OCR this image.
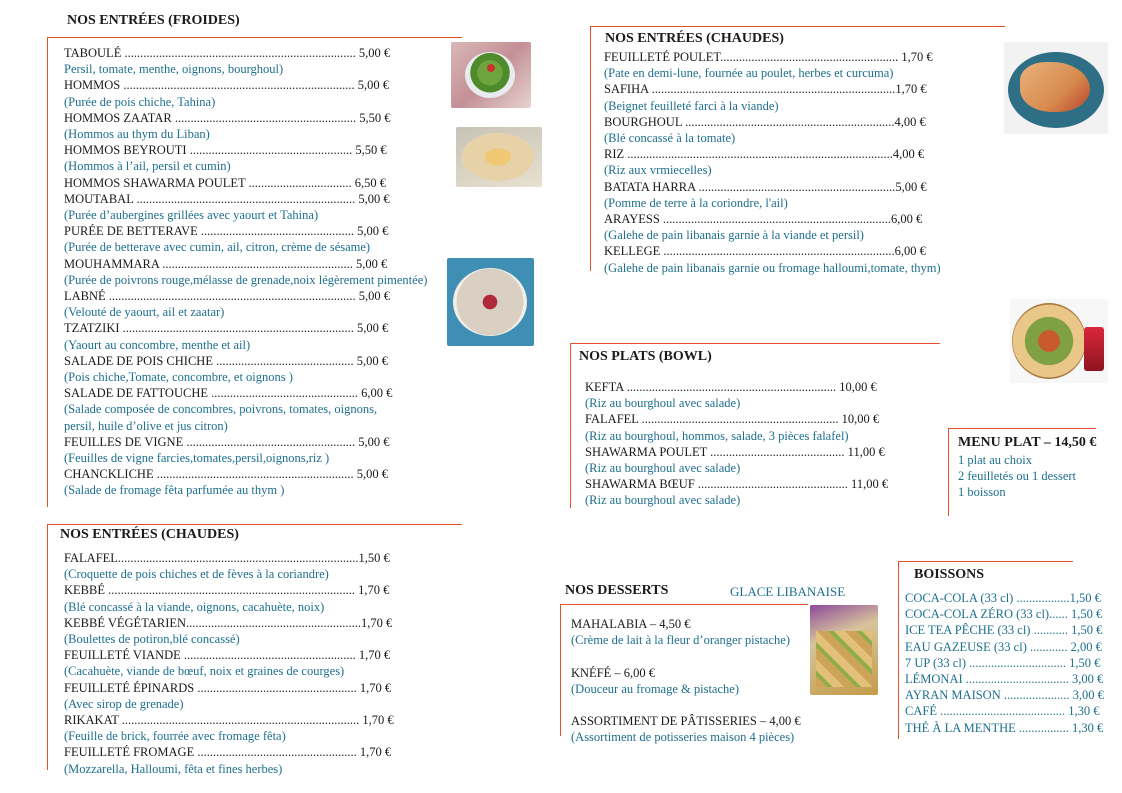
NOS ENTRÉES (FROIDES)
TABOULÉ .......................................................................... 5,00 €
Persil, tomate, menthe, oignons, bourghoul)
HOMMOS .......................................................................... 5,00 €
(Purée de pois chiche, Tahina)
HOMMOS ZAATAR .......................................................... 5,50 €
(Hommos au thym du Liban)
HOMMOS BEYROUTI .................................................... 5,50 €
(Hommos à l’ail, persil et cumin)
HOMMOS SHAWARMA POULET ................................. 6,50 €
MOUTABAL ...................................................................... 5,00 €
(Purée d’aubergines grillées avec yaourt et Tahina)
PURÉE DE BETTERAVE ................................................. 5,00 €
(Purée de betterave avec cumin, ail, citron, crème de sésame)
MOUHAMMARA ............................................................. 5,00 €
(Purée de poivrons rouge,mélasse de grenade,noix légèrement pimentée)
LABNÉ ............................................................................... 5,00 €
(Velouté de yaourt, ail et zaatar)
TZATZIKI .......................................................................... 5,00 €
(Yaourt au concombre, menthe et ail)
SALADE DE POIS CHICHE ............................................ 5,00 €
(Pois chiche,Tomate, concombre, et oignons )
SALADE DE FATTOUCHE ............................................... 6,00 €
(Salade composée de concombres, poivrons, tomates, oignons,
persil, huile d’olive et jus citron)
FEUILLES DE VIGNE ...................................................... 5,00 €
(Feuilles de vigne farcies,tomates,persil,oignons,riz )
CHANCKLICHE ............................................................... 5,00 €
(Salade de fromage fêta parfumée au thym )
NOS ENTRÉES (CHAUDES)
FALAFEL.............................................................................1,50 €
(Croquette de pois chiches et de fèves à la coriandre)
KEBBÉ ............................................................................... 1,70 €
(Blé concassé à la viande, oignons, cacahuète, noix)
KEBBÉ VÉGÉTARIEN........................................................1,70 €
(Boulettes de potiron,blé concassé)
FEUILLETÉ VIANDE ....................................................... 1,70 €
(Cacahuète, viande de bœuf, noix et graines de courges)
FEUILLETÉ ÉPINARDS ................................................... 1,70 €
(Avec sirop de grenade)
RIKAKAT ............................................................................ 1,70 €
(Feuille de brick, fourrée avec fromage fêta)
FEUILLETÉ FROMAGE ................................................... 1,70 €
(Mozzarella, Halloumi, fêta et fines herbes)
NOS ENTRÉES (CHAUDES)
FEUILLETÉ POULET......................................................... 1,70 €
(Pate en demi-lune, fournée au poulet, herbes et curcuma)
SAFIHA ..............................................................................1,70 €
(Beignet feuilleté farci à la viande)
BOURGHOUL ...................................................................4,00 €
(Blé concassé à la tomate)
RIZ .....................................................................................4,00 €
(Riz aux vrmiecelles)
BATATA HARRA ...............................................................5,00 €
(Pomme de terre à la coriondre, l'ail)
ARAYESS .........................................................................6,00 €
(Galehe de pain libanais garnie à la viande et persil)
KELLEGE ..........................................................................6,00 €
(Galehe de pain libanais garnie ou fromage halloumi,tomate, thym)
NOS PLATS (BOWL)
KEFTA ................................................................... 10,00 €
(Riz au bourghoul avec salade)
FALAFEL ............................................................... 10,00 €
(Riz au bourghoul, hommos, salade, 3 pièces falafel)
SHAWARMA POULET ........................................... 11,00 €
(Riz au bourghoul avec salade)
SHAWARMA BŒUF ................................................ 11,00 €
(Riz au bourghoul avec salade)
MENU PLAT – 14,50 €
1 plat au choix
2 feuilletés ou 1 dessert
1 boisson
NOS DESSERTS	GLACE LIBANAISE
MAHALABIA – 4,50 €
(Crème de lait à la fleur d’oranger pistache)
KNÉFÉ – 6,00 €
(Douceur au fromage & pistache)
ASSORTIMENT DE PÂTISSERIES – 4,00 €
(Assortiment de potisseries maison 4 pièces)
BOISSONS
COCA-COLA (33 cl) .................1,50 €
COCA-COLA ZÉRO (33 cl)...... 1,50 €
ICE TEA PÊCHE (33 cl) ........... 1,50 €
EAU GAZEUSE (33 cl) ............ 2,00 €
7 UP (33 cl) ............................... 1,50 €
LÉMONAI ................................. 3,00 €
AYRAN MAISON ..................... 3,00 €
CAFÉ ........................................ 1,30 €
THÉ À LA MENTHE ................ 1,30 €
